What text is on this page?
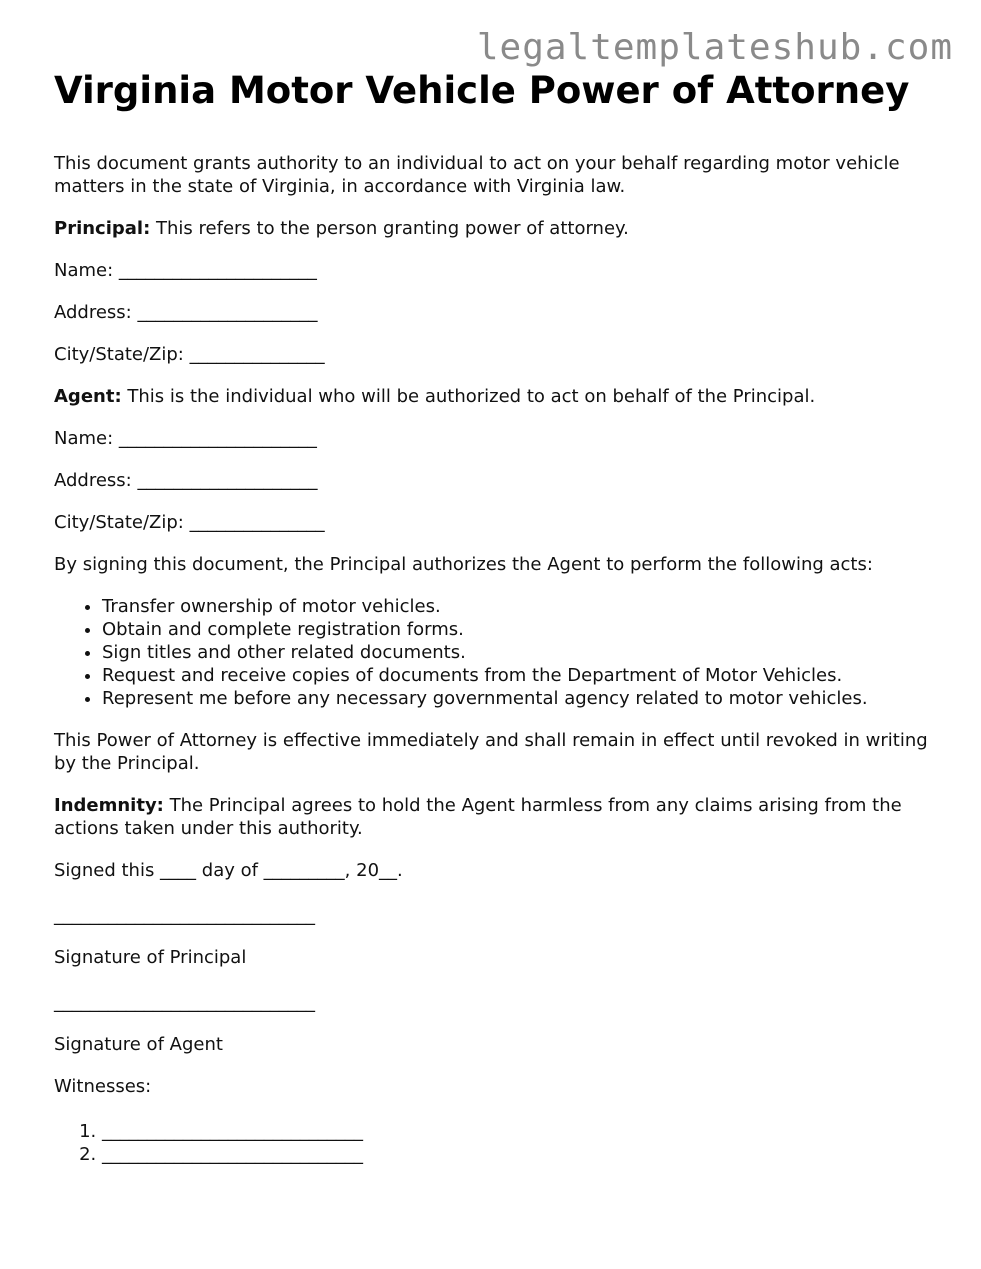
legaltemplateshub.com
Virginia Motor Vehicle Power of Attorney

This document grants authority to an individual to act on your behalf regarding motor vehicle matters in the state of Virginia, in accordance with Virginia law.

Principal: This refers to the person granting power of attorney.

Name: ______________________
Address: ____________________
City/State/Zip: _______________

Agent: This is the individual who will be authorized to act on behalf of the Principal.

Name: ______________________
Address: ____________________
City/State/Zip: _______________

By signing this document, the Principal authorizes the Agent to perform the following acts:

• Transfer ownership of motor vehicles.
• Obtain and complete registration forms.
• Sign titles and other related documents.
• Request and receive copies of documents from the Department of Motor Vehicles.
• Represent me before any necessary governmental agency related to motor vehicles.

This Power of Attorney is effective immediately and shall remain in effect until revoked in writing by the Principal.

Indemnity: The Principal agrees to hold the Agent harmless from any claims arising from the actions taken under this authority.

Signed this ____ day of _________, 20__.

_____________________________

Signature of Principal

_____________________________

Signature of Agent

Witnesses:

1. _____________________________
2. _____________________________
